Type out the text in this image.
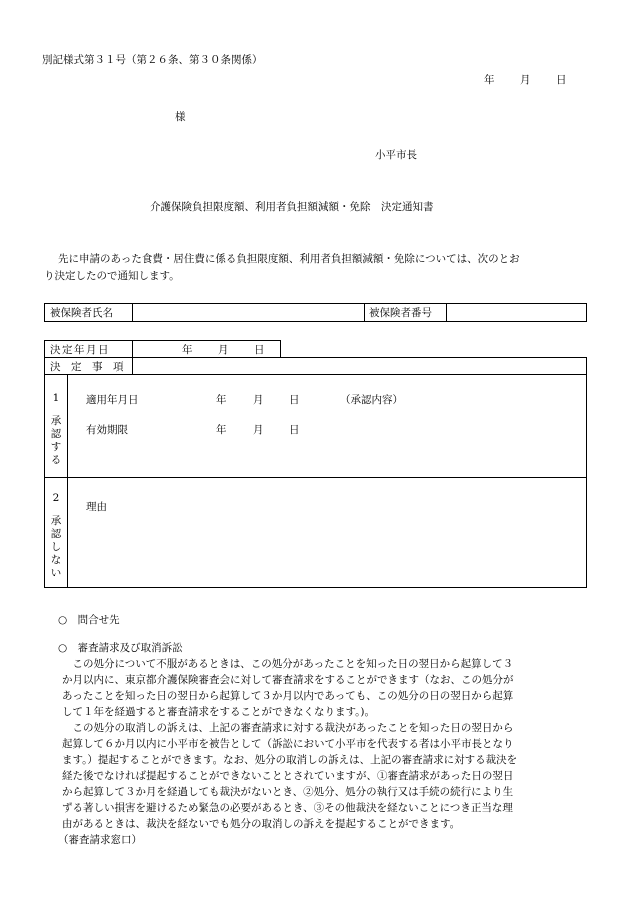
別記様式第３１号（第２６条、第３０条関係）
年 月 日
様
小平市長
介護保険負担限度額、利用者負担額減額・免除　決定通知書
先に申請のあった食費・居住費に係る負担限度額、利用者負担額減額・免除については、次のとお
り決定したので通知します。
被保険者氏名	被保険者番号
決定年月日	年 月 日
決　定　事　項
1
承認する
適用年月日	年	月 日	（承認内容）
有効期限	年	月 日
2
承認しない
理由
○　問合せ先
○　審査請求及び取消訴訟
　この処分について不服があるときは、この処分があったことを知った日の翌日から起算して３
か月以内に、東京都介護保険審査会に対して審査請求をすることができます（なお、この処分が
あったことを知った日の翌日から起算して３か月以内であっても、この処分の日の翌日から起算
して１年を経過すると審査請求をすることができなくなります。)。
　この処分の取消しの訴えは、上記の審査請求に対する裁決があったことを知った日の翌日から
起算して６か月以内に小平市を被告として（訴訟において小平市を代表する者は小平市長となり
ます。）提起することができます。なお、処分の取消しの訴えは、上記の審査請求に対する裁決を
経た後でなければ提起することができないこととされていますが、①審査請求があった日の翌日
から起算して３か月を経過しても裁決がないとき、②処分、処分の執行又は手続の続行により生
ずる著しい損害を避けるため緊急の必要があるとき、③その他裁決を経ないことにつき正当な理
由があるときは、裁決を経ないでも処分の取消しの訴えを提起することができます。
（審査請求窓口）
